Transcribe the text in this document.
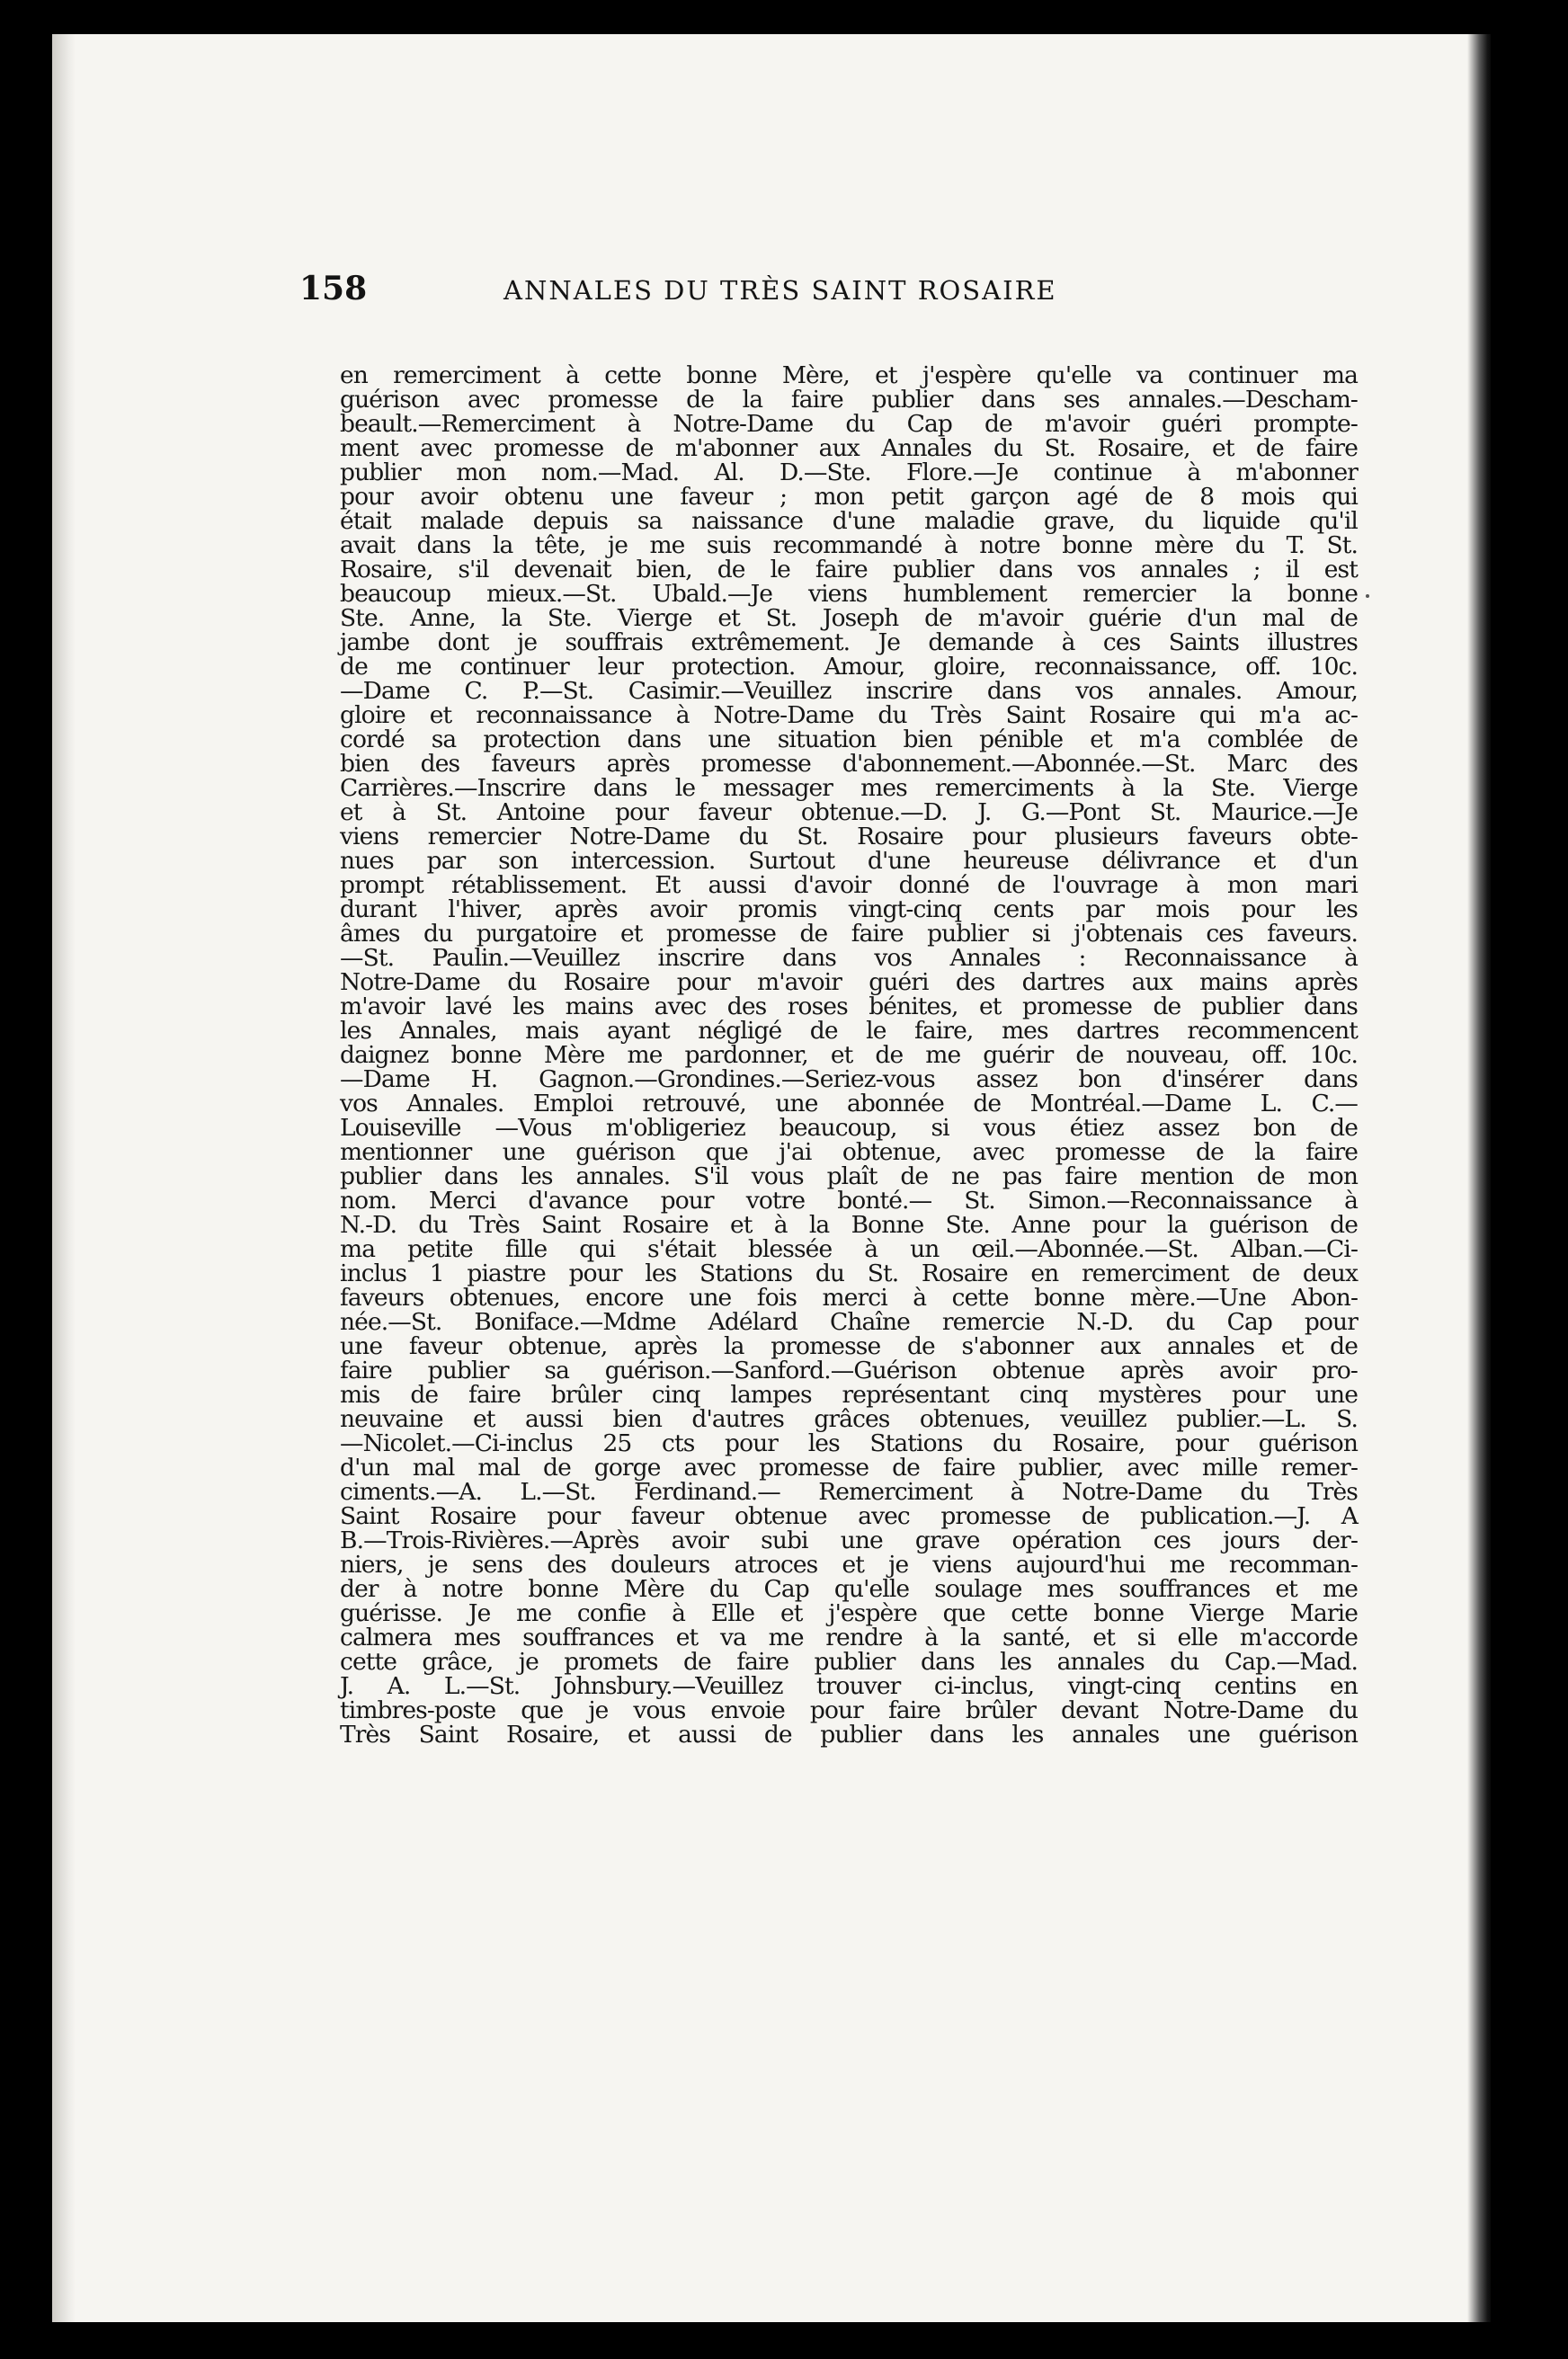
158	ANNALES DU TRÈS SAINT ROSAIRE
en remerciment à cette bonne Mère, et j'espère qu'elle va continuer ma
guérison avec promesse de la faire publier dans ses annales.—Descham-
beault.—Remerciment à Notre-Dame du Cap de m'avoir guéri prompte-
ment avec promesse de m'abonner aux Annales du St. Rosaire, et de faire
publier mon nom.—Mad. Al. D.—Ste. Flore.—Je continue à m'abonner
pour avoir obtenu une faveur ; mon petit garçon agé de 8 mois qui
était malade depuis sa naissance d'une maladie grave, du liquide qu'il
avait dans la tête, je me suis recommandé à notre bonne mère du T. St.
Rosaire, s'il devenait bien, de le faire publier dans vos annales ; il est
beaucoup mieux.—St. Ubald.—Je viens humblement remercier la bonne
Ste. Anne, la Ste. Vierge et St. Joseph de m'avoir guérie d'un mal de
jambe dont je souffrais extrêmement. Je demande à ces Saints illustres
de me continuer leur protection. Amour, gloire, reconnaissance, off. 10c.
—Dame C. P.—St. Casimir.—Veuillez inscrire dans vos annales. Amour,
gloire et reconnaissance à Notre-Dame du Très Saint Rosaire qui m'a ac-
cordé sa protection dans une situation bien pénible et m'a comblée de
bien des faveurs après promesse d'abonnement.—Abonnée.—St. Marc des
Carrières.—Inscrire dans le messager mes remerciments à la Ste. Vierge
et à St. Antoine pour faveur obtenue.—D. J. G.—Pont St. Maurice.—Je
viens remercier Notre-Dame du St. Rosaire pour plusieurs faveurs obte-
nues par son intercession. Surtout d'une heureuse délivrance et d'un
prompt rétablissement. Et aussi d'avoir donné de l'ouvrage à mon mari
durant l'hiver, après avoir promis vingt-cinq cents par mois pour les
âmes du purgatoire et promesse de faire publier si j'obtenais ces faveurs.
—St. Paulin.—Veuillez inscrire dans vos Annales : Reconnaissance à
Notre-Dame du Rosaire pour m'avoir guéri des dartres aux mains après
m'avoir lavé les mains avec des roses bénites, et promesse de publier dans
les Annales, mais ayant négligé de le faire, mes dartres recommencent
daignez bonne Mère me pardonner, et de me guérir de nouveau, off. 10c.
—Dame H. Gagnon.—Grondines.—Seriez-vous assez bon d'insérer dans
vos Annales. Emploi retrouvé, une abonnée de Montréal.—Dame L. C.—
Louiseville —Vous m'obligeriez beaucoup, si vous étiez assez bon de
mentionner une guérison que j'ai obtenue, avec promesse de la faire
publier dans les annales. S'il vous plaît de ne pas faire mention de mon
nom. Merci d'avance pour votre bonté.— St. Simon.—Reconnaissance à
N.-D. du Très Saint Rosaire et à la Bonne Ste. Anne pour la guérison de
ma petite fille qui s'était blessée à un œil.—Abonnée.—St. Alban.—Ci-
inclus 1 piastre pour les Stations du St. Rosaire en remerciment de deux
faveurs obtenues, encore une fois merci à cette bonne mère.—Une Abon-
née.—St. Boniface.—Mdme Adélard Chaîne remercie N.-D. du Cap pour
une faveur obtenue, après la promesse de s'abonner aux annales et de
faire publier sa guérison.—Sanford.—Guérison obtenue après avoir pro-
mis de faire brûler cinq lampes représentant cinq mystères pour une
neuvaine et aussi bien d'autres grâces obtenues, veuillez publier.—L. S.
—Nicolet.—Ci-inclus 25 cts pour les Stations du Rosaire, pour guérison
d'un mal mal de gorge avec promesse de faire publier, avec mille remer-
ciments.—A. L.—St. Ferdinand.— Remerciment à Notre-Dame du Très
Saint Rosaire pour faveur obtenue avec promesse de publication.—J. A
B.—Trois-Rivières.—Après avoir subi une grave opération ces jours der-
niers, je sens des douleurs atroces et je viens aujourd'hui me recomman-
der à notre bonne Mère du Cap qu'elle soulage mes souffrances et me
guérisse. Je me confie à Elle et j'espère que cette bonne Vierge Marie
calmera mes souffrances et va me rendre à la santé, et si elle m'accorde
cette grâce, je promets de faire publier dans les annales du Cap.—Mad.
J. A. L.—St. Johnsbury.—Veuillez trouver ci-inclus, vingt-cinq centins en
timbres-poste que je vous envoie pour faire brûler devant Notre-Dame du
Très Saint Rosaire, et aussi de publier dans les annales une guérison
